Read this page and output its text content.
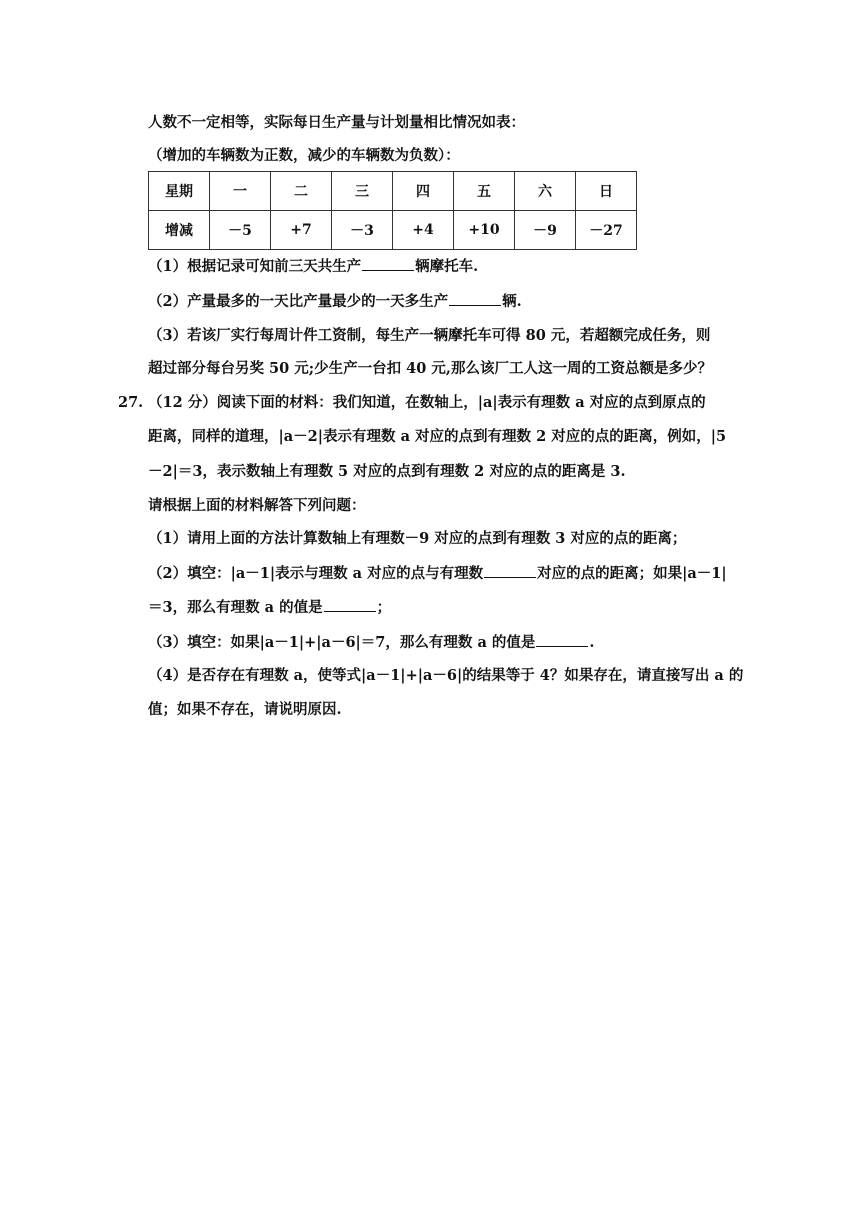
人数不一定相等，实际每日生产量与计划量相比情况如表：
（增加的车辆数为正数，减少的车辆数为负数）：
星期	一	二	三	四	五	六	日
增减	－5	+7	－3	+4	+10	－9	－27
（1）根据记录可知前三天共生产	辆摩托车.
（2）产量最多的一天比产量最少的一天多生产	辆.
（3）若该厂实行每周计件工资制，每生产一辆摩托车可得 80 元，若超额完成任务，则
超过部分每台另奖 50 元;少生产一台扣 40 元,那么该厂工人这一周的工资总额是多少？
27. （12 分）阅读下面的材料：我们知道，在数轴上，|a|表示有理数 a 对应的点到原点的
距离，同样的道理，|a－2|表示有理数 a 对应的点到有理数 2 对应的点的距离，例如，|5
－2|＝3，表示数轴上有理数 5 对应的点到有理数 2 对应的点的距离是 3.
请根据上面的材料解答下列问题：
（1）请用上面的方法计算数轴上有理数－9 对应的点到有理数 3 对应的点的距离；
（2）填空：|a－1|表示与理数 a 对应的点与有理数	对应的点的距离；如果|a－1|
＝3，那么有理数 a 的值是	；
（3）填空：如果|a－1|+|a－6|＝7，那么有理数 a 的值是	.
（4）是否存在有理数 a，使等式|a－1|+|a－6|的结果等于 4？如果存在，请直接写出 a 的
值；如果不存在，请说明原因.
